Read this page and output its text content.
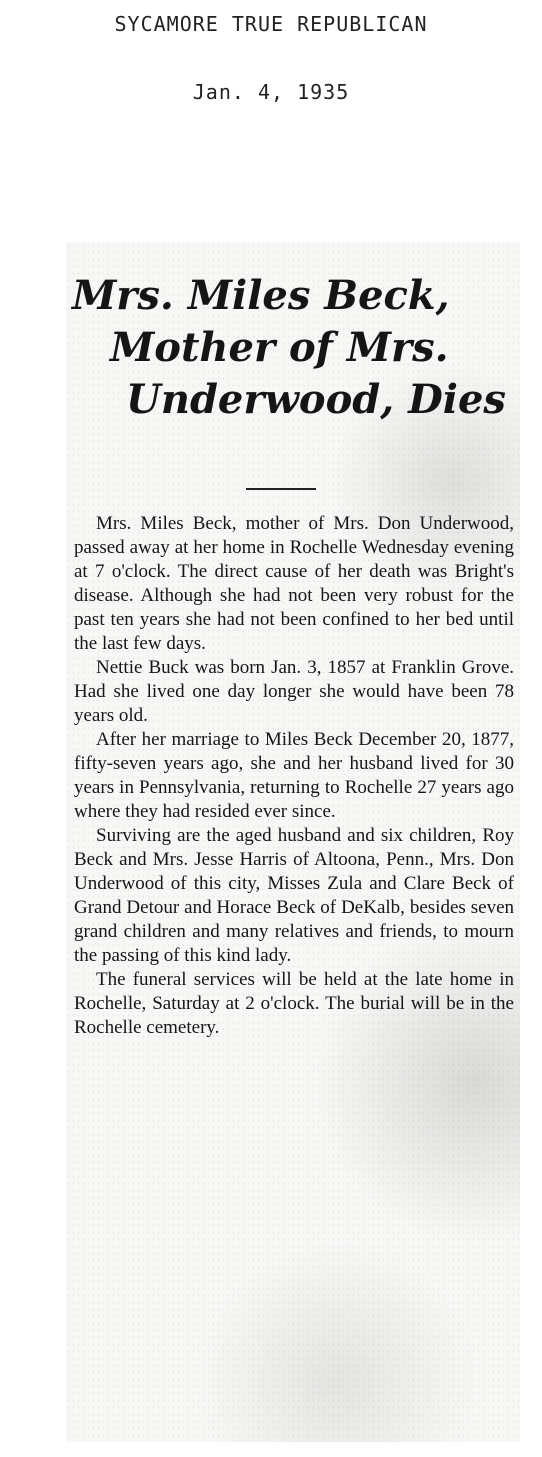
SYCAMORE TRUE REPUBLICAN
Jan. 4, 1935
Mrs. Miles Beck,
Mother of Mrs.
Underwood, Dies

Mrs. Miles Beck, mother of Mrs. Don Underwood, passed away at her home in Rochelle Wednesday evening at 7 o'clock. The direct cause of her death was Bright's disease. Although she had not been very robust for the past ten years she had not been confined to her bed until the last few days.

Nettie Buck was born Jan. 3, 1857 at Franklin Grove. Had she lived one day longer she would have been 78 years old.

After her marriage to Miles Beck December 20, 1877, fifty-seven years ago, she and her husband lived for 30 years in Pennsylvania, returning to Rochelle 27 years ago where they had resided ever since.

Surviving are the aged husband and six children, Roy Beck and Mrs. Jesse Harris of Altoona, Penn., Mrs. Don Underwood of this city, Misses Zula and Clare Beck of Grand Detour and Horace Beck of DeKalb, besides seven grand children and many relatives and friends, to mourn the passing of this kind lady.

The funeral services will be held at the late home in Rochelle, Saturday at 2 o'clock. The burial will be in the Rochelle cemetery.
